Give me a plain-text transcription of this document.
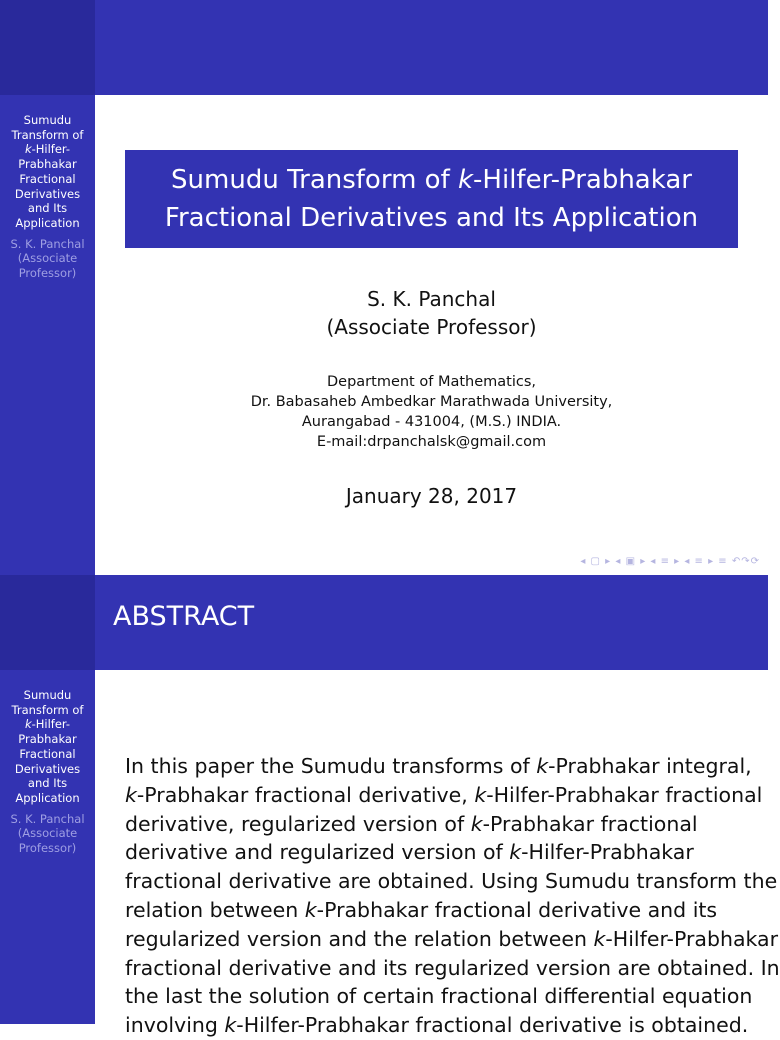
Sumudu
Transform of
k-Hilfer-
Prabhakar
Fractional
Derivatives
and Its
Application
S. K. Panchal
(Associate
Professor)
Sumudu Transform of k-Hilfer-Prabhakar
Fractional Derivatives and Its Application
S. K. Panchal
(Associate Professor)
Department of Mathematics,
Dr. Babasaheb Ambedkar Marathwada University,
Aurangabad - 431004, (M.S.) INDIA.
E-mail:drpanchalsk@gmail.com
January 28, 2017
◂ ▢ ▸ ◂ ▣ ▸ ◂ ≡ ▸ ◂ ≡ ▸ ≡ ↶↷⟳
ABSTRACT
Sumudu
Transform of
k-Hilfer-
Prabhakar
Fractional
Derivatives
and Its
Application
S. K. Panchal
(Associate
Professor)
In this paper the Sumudu transforms of k-Prabhakar integral,
k-Prabhakar fractional derivative, k-Hilfer-Prabhakar fractional
derivative, regularized version of k-Prabhakar fractional
derivative and regularized version of k-Hilfer-Prabhakar
fractional derivative are obtained. Using Sumudu transform the
relation between k-Prabhakar fractional derivative and its
regularized version and the relation between k-Hilfer-Prabhakar
fractional derivative and its regularized version are obtained. In
the last the solution of certain fractional differential equation
involving k-Hilfer-Prabhakar fractional derivative is obtained.
